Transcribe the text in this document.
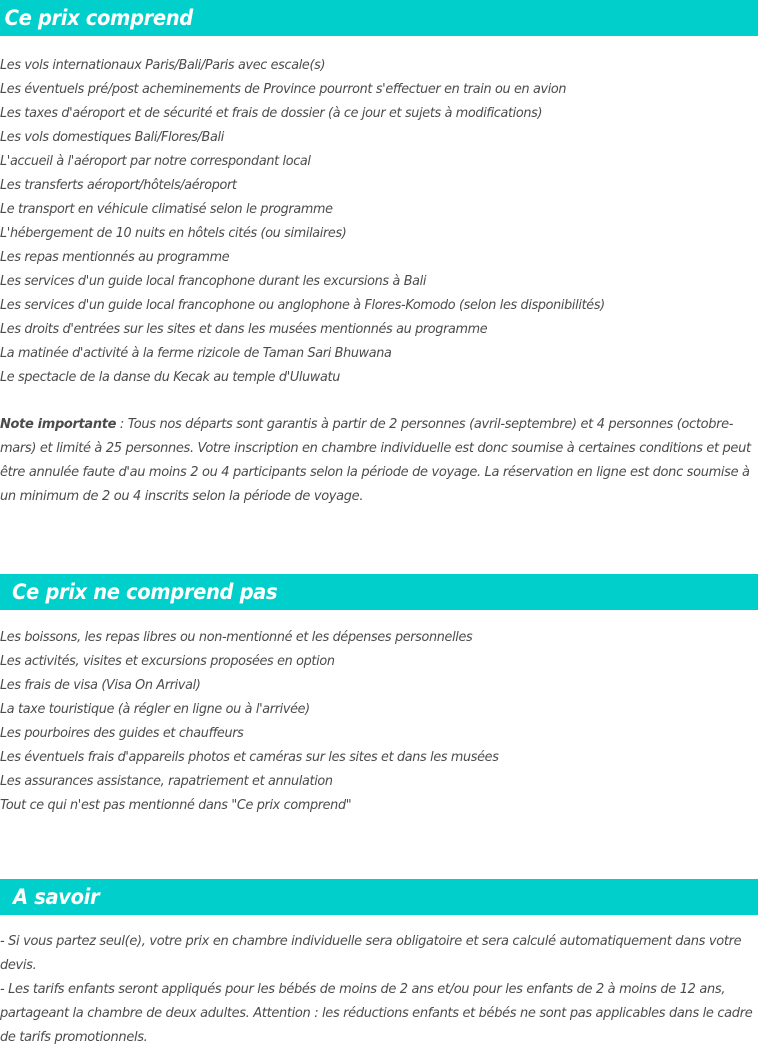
Ce prix comprend
Les vols internationaux Paris/Bali/Paris avec escale(s)
Les éventuels pré/post acheminements de Province pourront s'effectuer en train ou en avion
Les taxes d'aéroport et de sécurité et frais de dossier (à ce jour et sujets à modifications)
Les vols domestiques Bali/Flores/Bali
L'accueil à l'aéroport par notre correspondant local
Les transferts aéroport/hôtels/aéroport
Le transport en véhicule climatisé selon le programme
L'hébergement de 10 nuits en hôtels cités (ou similaires)
Les repas mentionnés au programme
Les services d'un guide local francophone durant les excursions à Bali
Les services d'un guide local francophone ou anglophone à Flores-Komodo (selon les disponibilités)
Les droits d'entrées sur les sites et dans les musées mentionnés au programme
La matinée d'activité à la ferme rizicole de Taman Sari Bhuwana
Le spectacle de la danse du Kecak au temple d'Uluwatu

Note importante : Tous nos départs sont garantis à partir de 2 personnes (avril-septembre) et 4 personnes (octobre-mars) et limité à 25 personnes. Votre inscription en chambre individuelle est donc soumise à certaines conditions et peut être annulée faute d'au moins 2 ou 4 participants selon la période de voyage. La réservation en ligne est donc soumise à un minimum de 2 ou 4 inscrits selon la période de voyage.

Ce prix ne comprend pas
Les boissons, les repas libres ou non-mentionné et les dépenses personnelles
Les activités, visites et excursions proposées en option
Les frais de visa (Visa On Arrival)
La taxe touristique (à régler en ligne ou à l'arrivée)
Les pourboires des guides et chauffeurs
Les éventuels frais d'appareils photos et caméras sur les sites et dans les musées
Les assurances assistance, rapatriement et annulation
Tout ce qui n'est pas mentionné dans "Ce prix comprend"
A savoir

- Si vous partez seul(e), votre prix en chambre individuelle sera obligatoire et sera calculé automatiquement dans votre devis.

- Les tarifs enfants seront appliqués pour les bébés de moins de 2 ans et/ou pour les enfants de 2 à moins de 12 ans, partageant la chambre de deux adultes. Attention : les réductions enfants et bébés ne sont pas applicables dans le cadre de tarifs promotionnels.
